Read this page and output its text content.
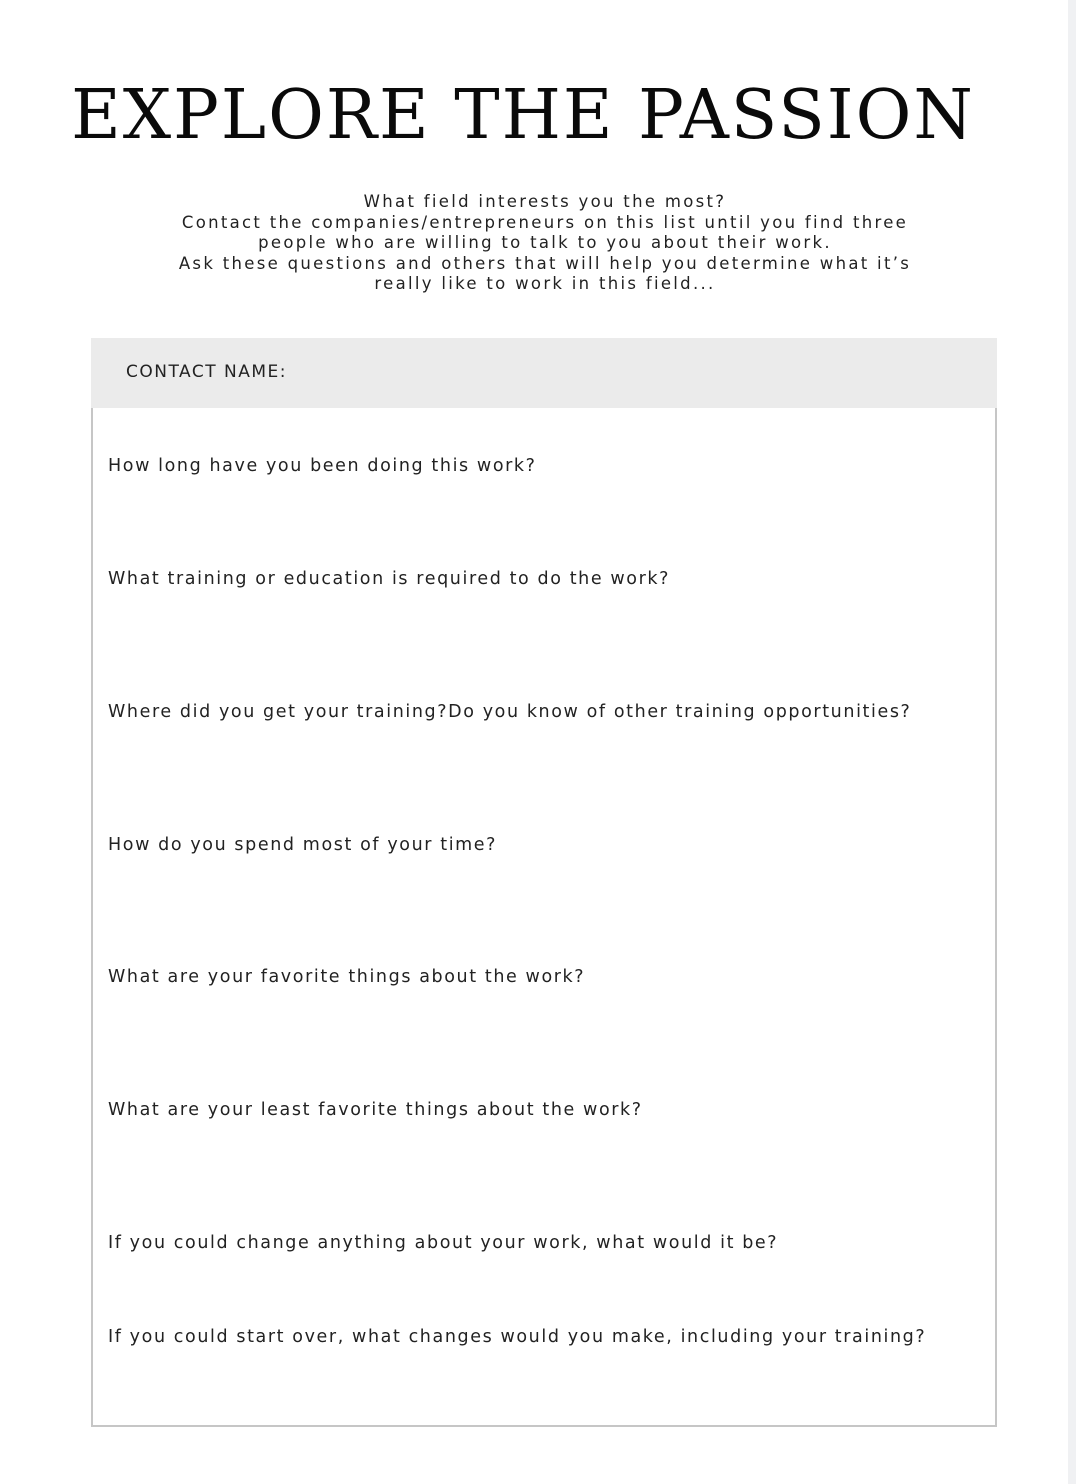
EXPLORE THE PASSION
What field interests you the most?
Contact the companies/entrepreneurs on this list until you find three
people who are willing to talk to you about their work.
Ask these questions and others that will help you determine what it’s
really like to work in this field...
CONTACT NAME:
How long have you been doing this work?
What training or education is required to do the work?
Where did you get your training?Do you know of other training opportunities?
How do you spend most of your time?
What are your favorite things about the work?
What are your least favorite things about the work?
If you could change anything about your work, what would it be?
If you could start over, what changes would you make, including your training?
